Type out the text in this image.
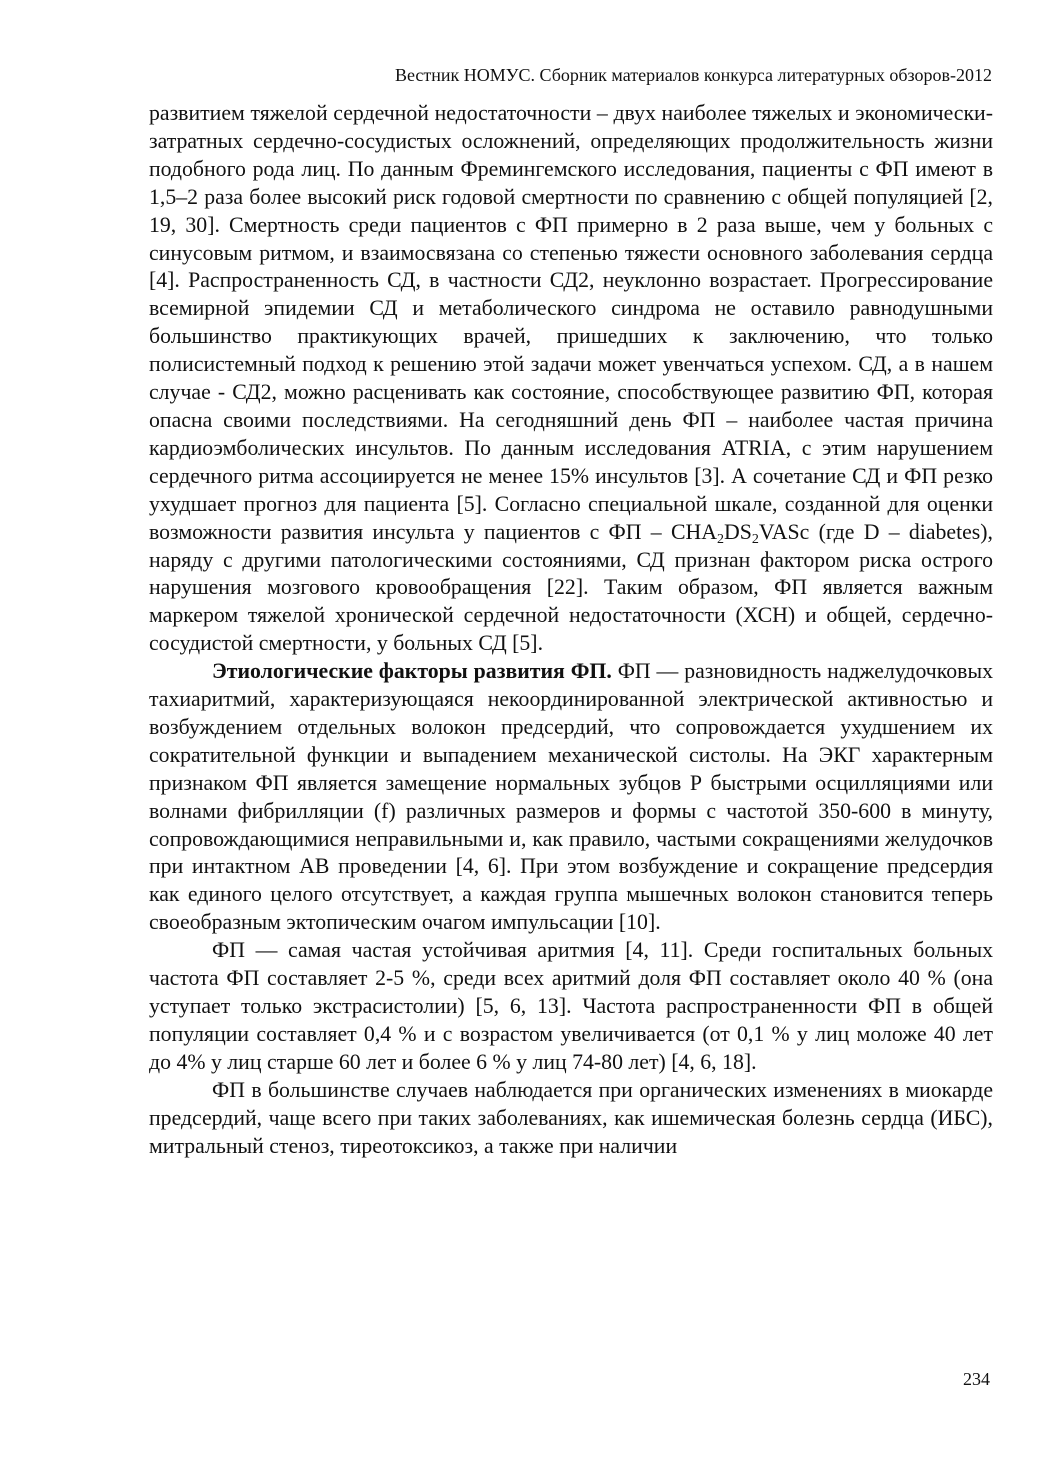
Вестник НОМУС. Сборник материалов конкурса литературных обзоров-2012

развитием тяжелой сердечной недостаточности – двух наиболее тяжелых и экономически-затратных сердечно-сосудистых осложнений, определяющих продолжительность жизни подобного рода лиц. По данным Фремингемского исследования, пациенты с ФП имеют в 1,5–2 раза более высокий риск годовой смертности по сравнению с общей популяцией [2, 19, 30]. Смертность среди пациентов с ФП примерно в 2 раза выше, чем у больных с синусовым ритмом, и взаимосвязана со степенью тяжести основного заболевания сердца [4]. Распространенность СД, в частности СД2, неуклонно возрастает. Прогрессирование всемирной эпидемии СД и метаболического синдрома не оставило равнодушными большинство практикующих врачей, пришедших к заключению, что только полисистемный подход к решению этой задачи может увенчаться успехом. СД, а в нашем случае - СД2, можно расценивать как состояние, способствующее развитию ФП, которая опасна своими последствиями. На сегодняшний день ФП – наиболее частая причина кардиоэмболических инсультов. По данным исследования ATRIA, с этим нарушением сердечного ритма ассоциируется не менее 15% инсультов [3]. А сочетание СД и ФП резко ухудшает прогноз для пациента [5]. Согласно специальной шкале, созданной для оценки возможности развития инсульта у пациентов с ФП – $CHA_2DS_2VASc$ (где D – diabetes), наряду с другими патологическими состояниями, СД признан фактором риска острого нарушения мозгового кровообращения [22]. Таким образом, ФП является важным маркером тяжелой хронической сердечной недостаточности (ХСН) и общей, сердечно-сосудистой смертности, у больных СД [5].

Этиологические факторы развития ФП. ФП — разновидность наджелудочковых тахиаритмий, характеризующаяся некоординированной электрической активностью и возбуждением отдельных волокон предсердий, что сопровождается ухудшением их сократительной функции и выпадением механической систолы. На ЭКГ характерным признаком ФП является замещение нормальных зубцов Р быстрыми осцилляциями или волнами фибрилляции (f) различных размеров и формы с частотой 350-600 в минуту, сопровождающимися неправильными и, как правило, частыми сокращениями желудочков при интактном АВ проведении [4, 6]. При этом возбуждение и сокращение предсердия как единого целого отсутствует, а каждая группа мышечных волокон становится теперь своеобразным эктопическим очагом импульсации [10].

ФП — самая частая устойчивая аритмия [4, 11]. Среди госпитальных больных частота ФП составляет 2-5 %, среди всех аритмий доля ФП составляет около 40 % (она уступает только экстрасистолии) [5, 6, 13]. Частота распространенности ФП в общей популяции составляет 0,4 % и с возрастом увеличивается (от 0,1 % у лиц моложе 40 лет до 4% у лиц старше 60 лет и более 6 % у лиц 74-80 лет) [4, 6, 18].

ФП в большинстве случаев наблюдается при органических изменениях в миокарде предсердий, чаще всего при таких заболеваниях, как ишемическая болезнь сердца (ИБС), митральный стеноз, тиреотоксикоз, а также при наличии

234
